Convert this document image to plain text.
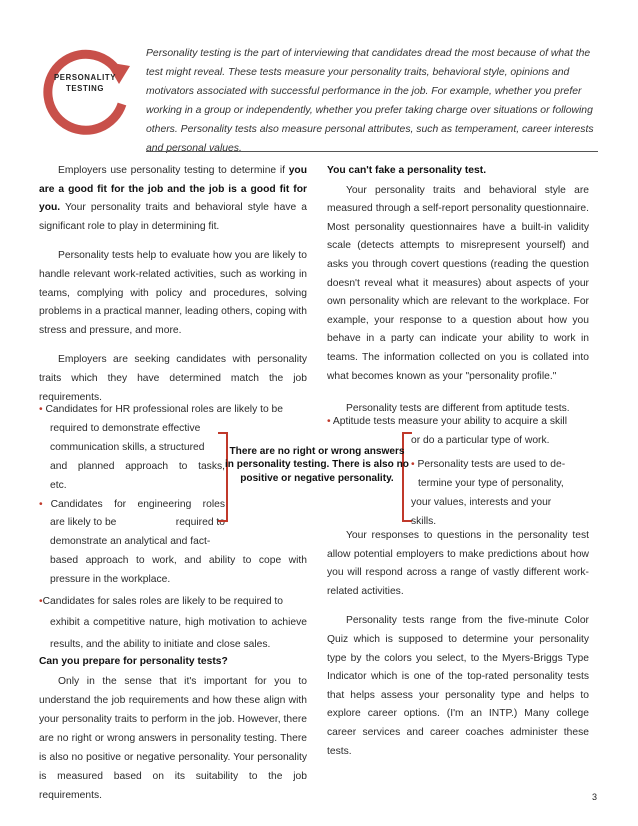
PERSONALITY
TESTING
Personality testing is the part of interviewing that candidates dread the most because of what the test might reveal. These tests measure your personality traits, behavioral style, opinions and motivators associated with successful performance in the job. For example, whether you prefer working in a group or independently, whether you prefer taking charge over situations or following others. Personality tests also measure personal attributes, such as temperament, career interests and personal values.

Employers use personality testing to determine if you are a good fit for the job and the job is a good fit for you. Your personality traits and behavioral style have a significant role to play in determining fit.

Personality tests help to evaluate how you are likely to handle relevant work-related activities, such as working in teams, complying with policy and procedures, solving problems in a practical manner, leading others, coping with stress and pressure, and more.

Employers are seeking candidates with personality traits which they have determined match the job requirements.

• Candidates for HR professional roles are likely to be
required to demonstrate effective
communication skills, a structured
and planned approach to tasks,
etc.
• Candidates for engineering roles
are likely to be	required to
demonstrate an analytical and fact-
based approach to work, and ability to cope with pressure in the workplace.
•Candidates for sales roles are likely to be required to
exhibit a competitive nature, high motivation to achieve results, and the ability to initiate and close sales.

Can you prepare for personality tests?

Only in the sense that it's important for you to understand the job requirements and how these align with your personality traits to perform in the job. However, there are no right or wrong answers in personality testing. There is also no positive or negative personality. Your personality is measured based on its suitability to the job requirements.

There are no right or wrong answers in personality testing. There is also no positive or negative personality.

You can't fake a personality test.

Your personality traits and behavioral style are measured through a self-report personality questionnaire. Most personality questionnaires have a built-in validity scale (detects attempts to misrepresent yourself) and asks you through covert questions (reading the question doesn't reveal what it measures) about aspects of your own personality which are relevant to the workplace. For example, your response to a question about how you behave in a party can indicate your ability to work in teams. The information collected on you is collated into what becomes known as your "personality profile."

Personality tests are different from aptitude tests.

• Aptitude tests measure your ability to acquire a skill
or do a particular type of work.
• Personality tests are used to de-
termine your type of personality,
your values, interests and your
skills.

Your responses to questions in the personality test allow potential employers to make predictions about how you will respond across a range of vastly different work-related activities.

Personality tests range from the five-minute Color Quiz which is supposed to determine your personality type by the colors you select, to the Myers-Briggs Type Indicator which is one of the top-rated personality tests that helps assess your personality type and helps to explore career options. (I'm an INTP.) Many college career services and career coaches administer these tests.

3
